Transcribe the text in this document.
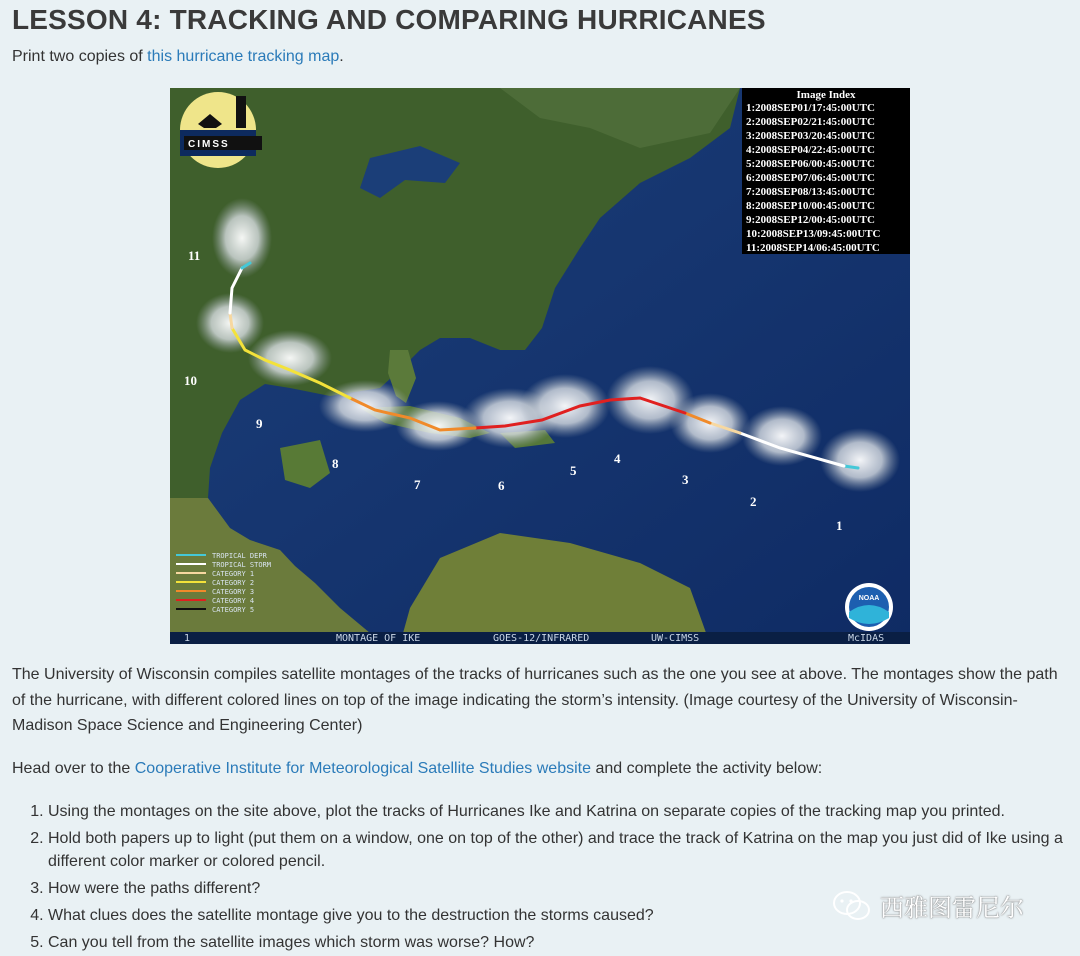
LESSON 4: TRACKING AND COMPARING HURRICANES

Print two copies of this hurricane tracking map.

1
2
3
4
5
6
7
8
9
10
11
CIMSS
Image Index
1:2008SEP01/17:45:00UTC
2:2008SEP02/21:45:00UTC
3:2008SEP03/20:45:00UTC
4:2008SEP04/22:45:00UTC
5:2008SEP06/00:45:00UTC
6:2008SEP07/06:45:00UTC
7:2008SEP08/13:45:00UTC
8:2008SEP10/00:45:00UTC
9:2008SEP12/00:45:00UTC
10:2008SEP13/09:45:00UTC
11:2008SEP14/06:45:00UTC
TROPICAL DEPR
TROPICAL STORM
CATEGORY 1
CATEGORY 2
CATEGORY 3
CATEGORY 4
CATEGORY 5
NOAA
1	MONTAGE OF IKE	GOES-12/INFRARED	UW-CIMSS	McIDAS

The University of Wisconsin compiles satellite montages of the tracks of hurricanes such as the one you see at above. The montages show the path of the hurricane, with different colored lines on top of the image indicating the storm’s intensity. (Image courtesy of the University of Wisconsin-Madison Space Science and Engineering Center)

Head over to the Cooperative Institute for Meteorological Satellite Studies website and complete the activity below:

1. Using the montages on the site above, plot the tracks of Hurricanes Ike and Katrina on separate copies of the tracking map you printed.
2. Hold both papers up to light (put them on a window, one on top of the other) and trace the track of Katrina on the map you just did of Ike using a different color marker or colored pencil.
3. How were the paths different?
4. What clues does the satellite montage give you to the destruction the storms caused?
5. Can you tell from the satellite images which storm was worse? How?
西雅图雷尼尔
